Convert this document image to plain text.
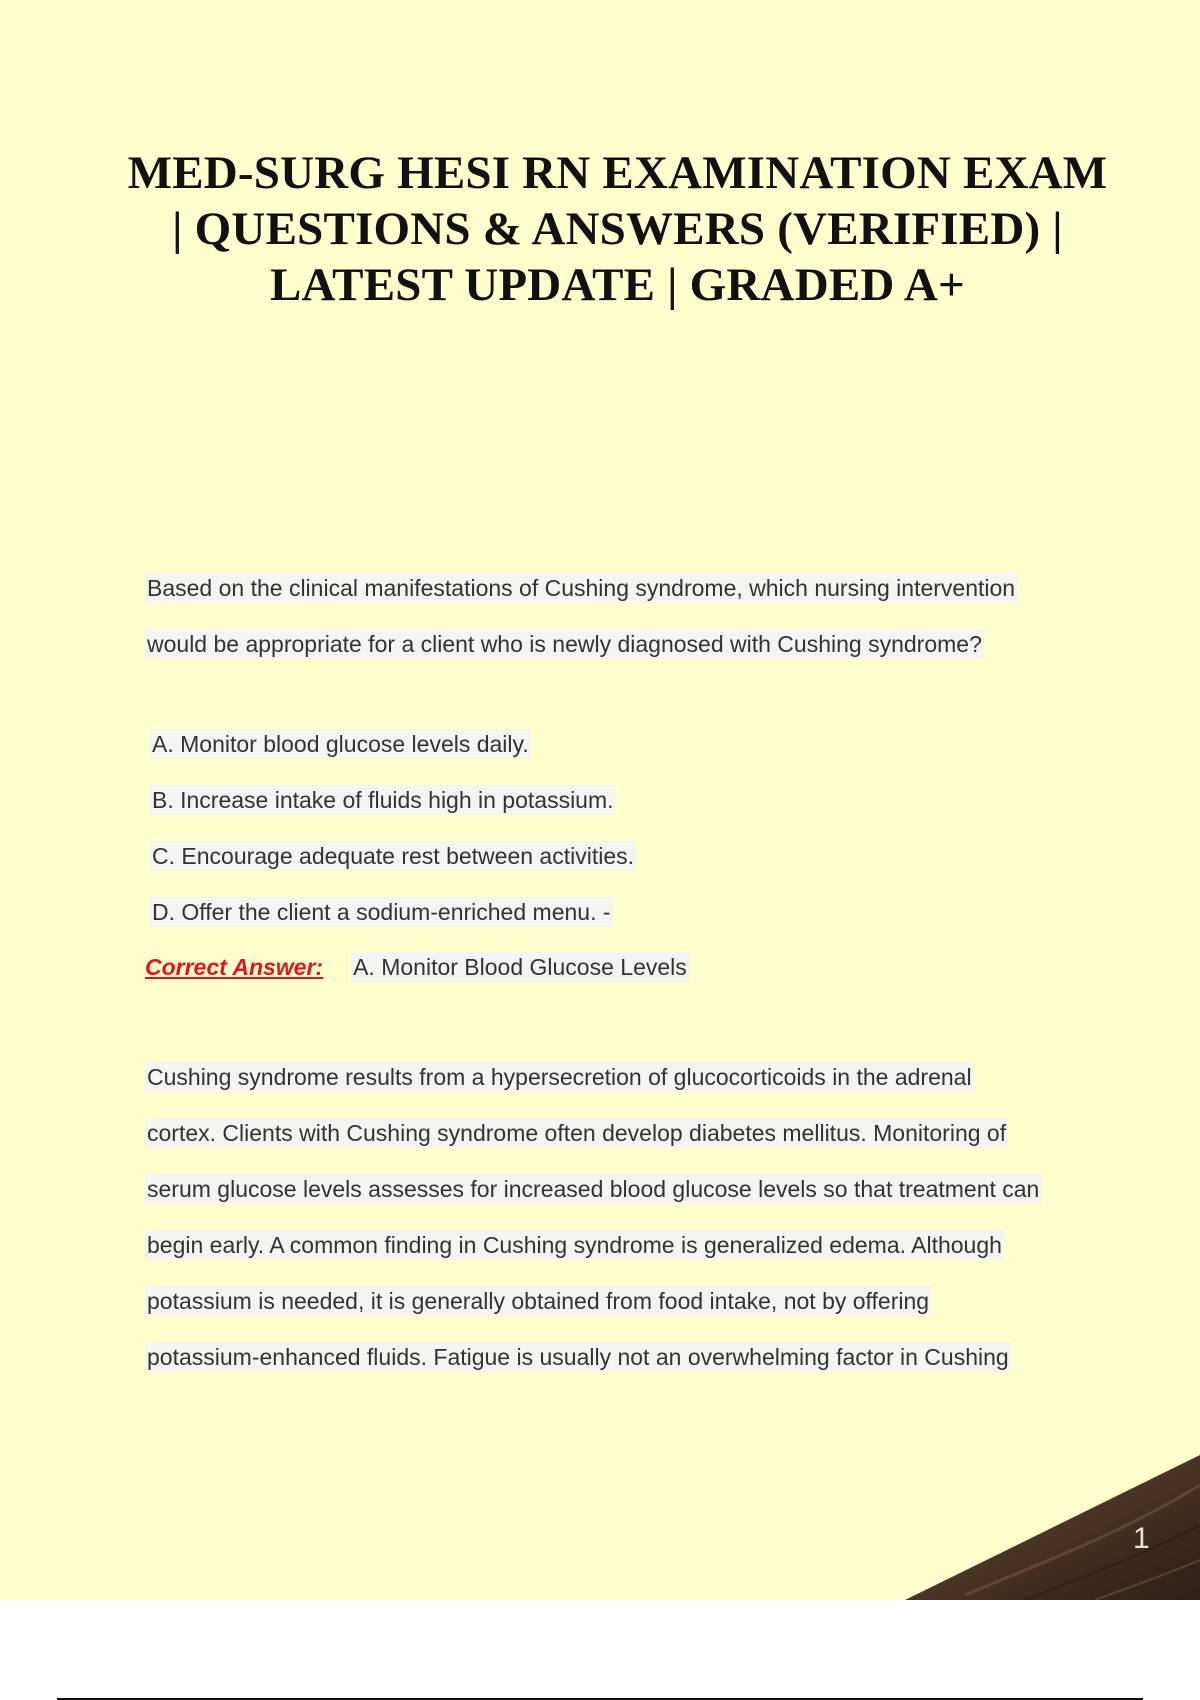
MED-SURG HESI RN EXAMINATION EXAM | QUESTIONS & ANSWERS (VERIFIED) | LATEST UPDATE | GRADED A+

Based on the clinical manifestations of Cushing syndrome, which nursing intervention
would be appropriate for a client who is newly diagnosed with Cushing syndrome?

A. Monitor blood glucose levels daily.
B. Increase intake of fluids high in potassium.
C. Encourage adequate rest between activities.
D. Offer the client a sodium-enriched menu. -
Correct Answer: A. Monitor Blood Glucose Levels
Cushing syndrome results from a hypersecretion of glucocorticoids in the adrenal
cortex. Clients with Cushing syndrome often develop diabetes mellitus. Monitoring of
serum glucose levels assesses for increased blood glucose levels so that treatment can
begin early. A common finding in Cushing syndrome is generalized edema. Although
potassium is needed, it is generally obtained from food intake, not by offering
potassium-enhanced fluids. Fatigue is usually not an overwhelming factor in Cushing
1
